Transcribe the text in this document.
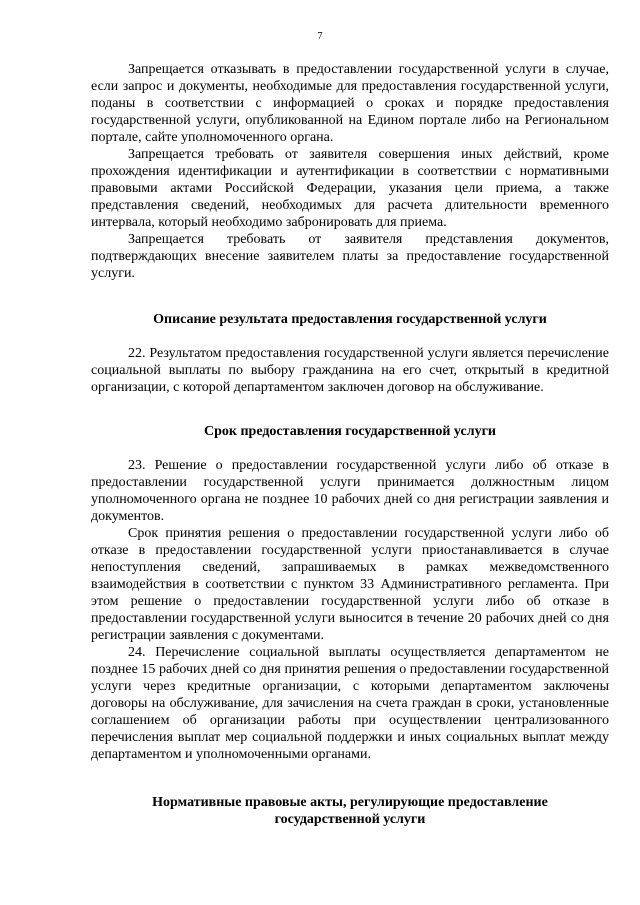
7

Запрещается отказывать в предоставлении государственной услуги в случае, если запрос и документы, необходимые для предоставления государственной услуги, поданы в соответствии с информацией о сроках и порядке предоставления государственной услуги, опубликованной на Едином портале либо на Региональном портале, сайте уполномоченного органа.

Запрещается требовать от заявителя совершения иных действий, кроме прохождения идентификации и аутентификации в соответствии с нормативными правовыми актами Российской Федерации, указания цели приема, а также представления сведений, необходимых для расчета длительности временного интервала, который необходимо забронировать для приема.

Запрещается требовать от заявителя представления документов, подтверждающих внесение заявителем платы за предоставление государственной услуги.

Описание результата предоставления государственной услуги

22. Результатом предоставления государственной услуги является перечисление социальной выплаты по выбору гражданина на его счет, открытый в кредитной организации, с которой департаментом заключен договор на обслуживание.

Срок предоставления государственной услуги

23. Решение о предоставлении государственной услуги либо об отказе в предоставлении государственной услуги принимается должностным лицом уполномоченного органа не позднее 10 рабочих дней со дня регистрации заявления и документов.

Срок принятия решения о предоставлении государственной услуги либо об отказе в предоставлении государственной услуги приостанавливается в случае непоступления сведений, запрашиваемых в рамках межведомственного взаимодействия в соответствии с пунктом 33 Административного регламента. При этом решение о предоставлении государственной услуги либо об отказе в предоставлении государственной услуги выносится в течение 20 рабочих дней со дня регистрации заявления с документами.

24. Перечисление социальной выплаты осуществляется департаментом не позднее 15 рабочих дней со дня принятия решения о предоставлении государственной услуги через кредитные организации, с которыми департаментом заключены договоры на обслуживание, для зачисления на счета граждан в сроки, установленные соглашением об организации работы при осуществлении централизованного перечисления выплат мер социальной поддержки и иных социальных выплат между департаментом и уполномоченными органами.

Нормативные правовые акты, регулирующие предоставление
государственной услуги
